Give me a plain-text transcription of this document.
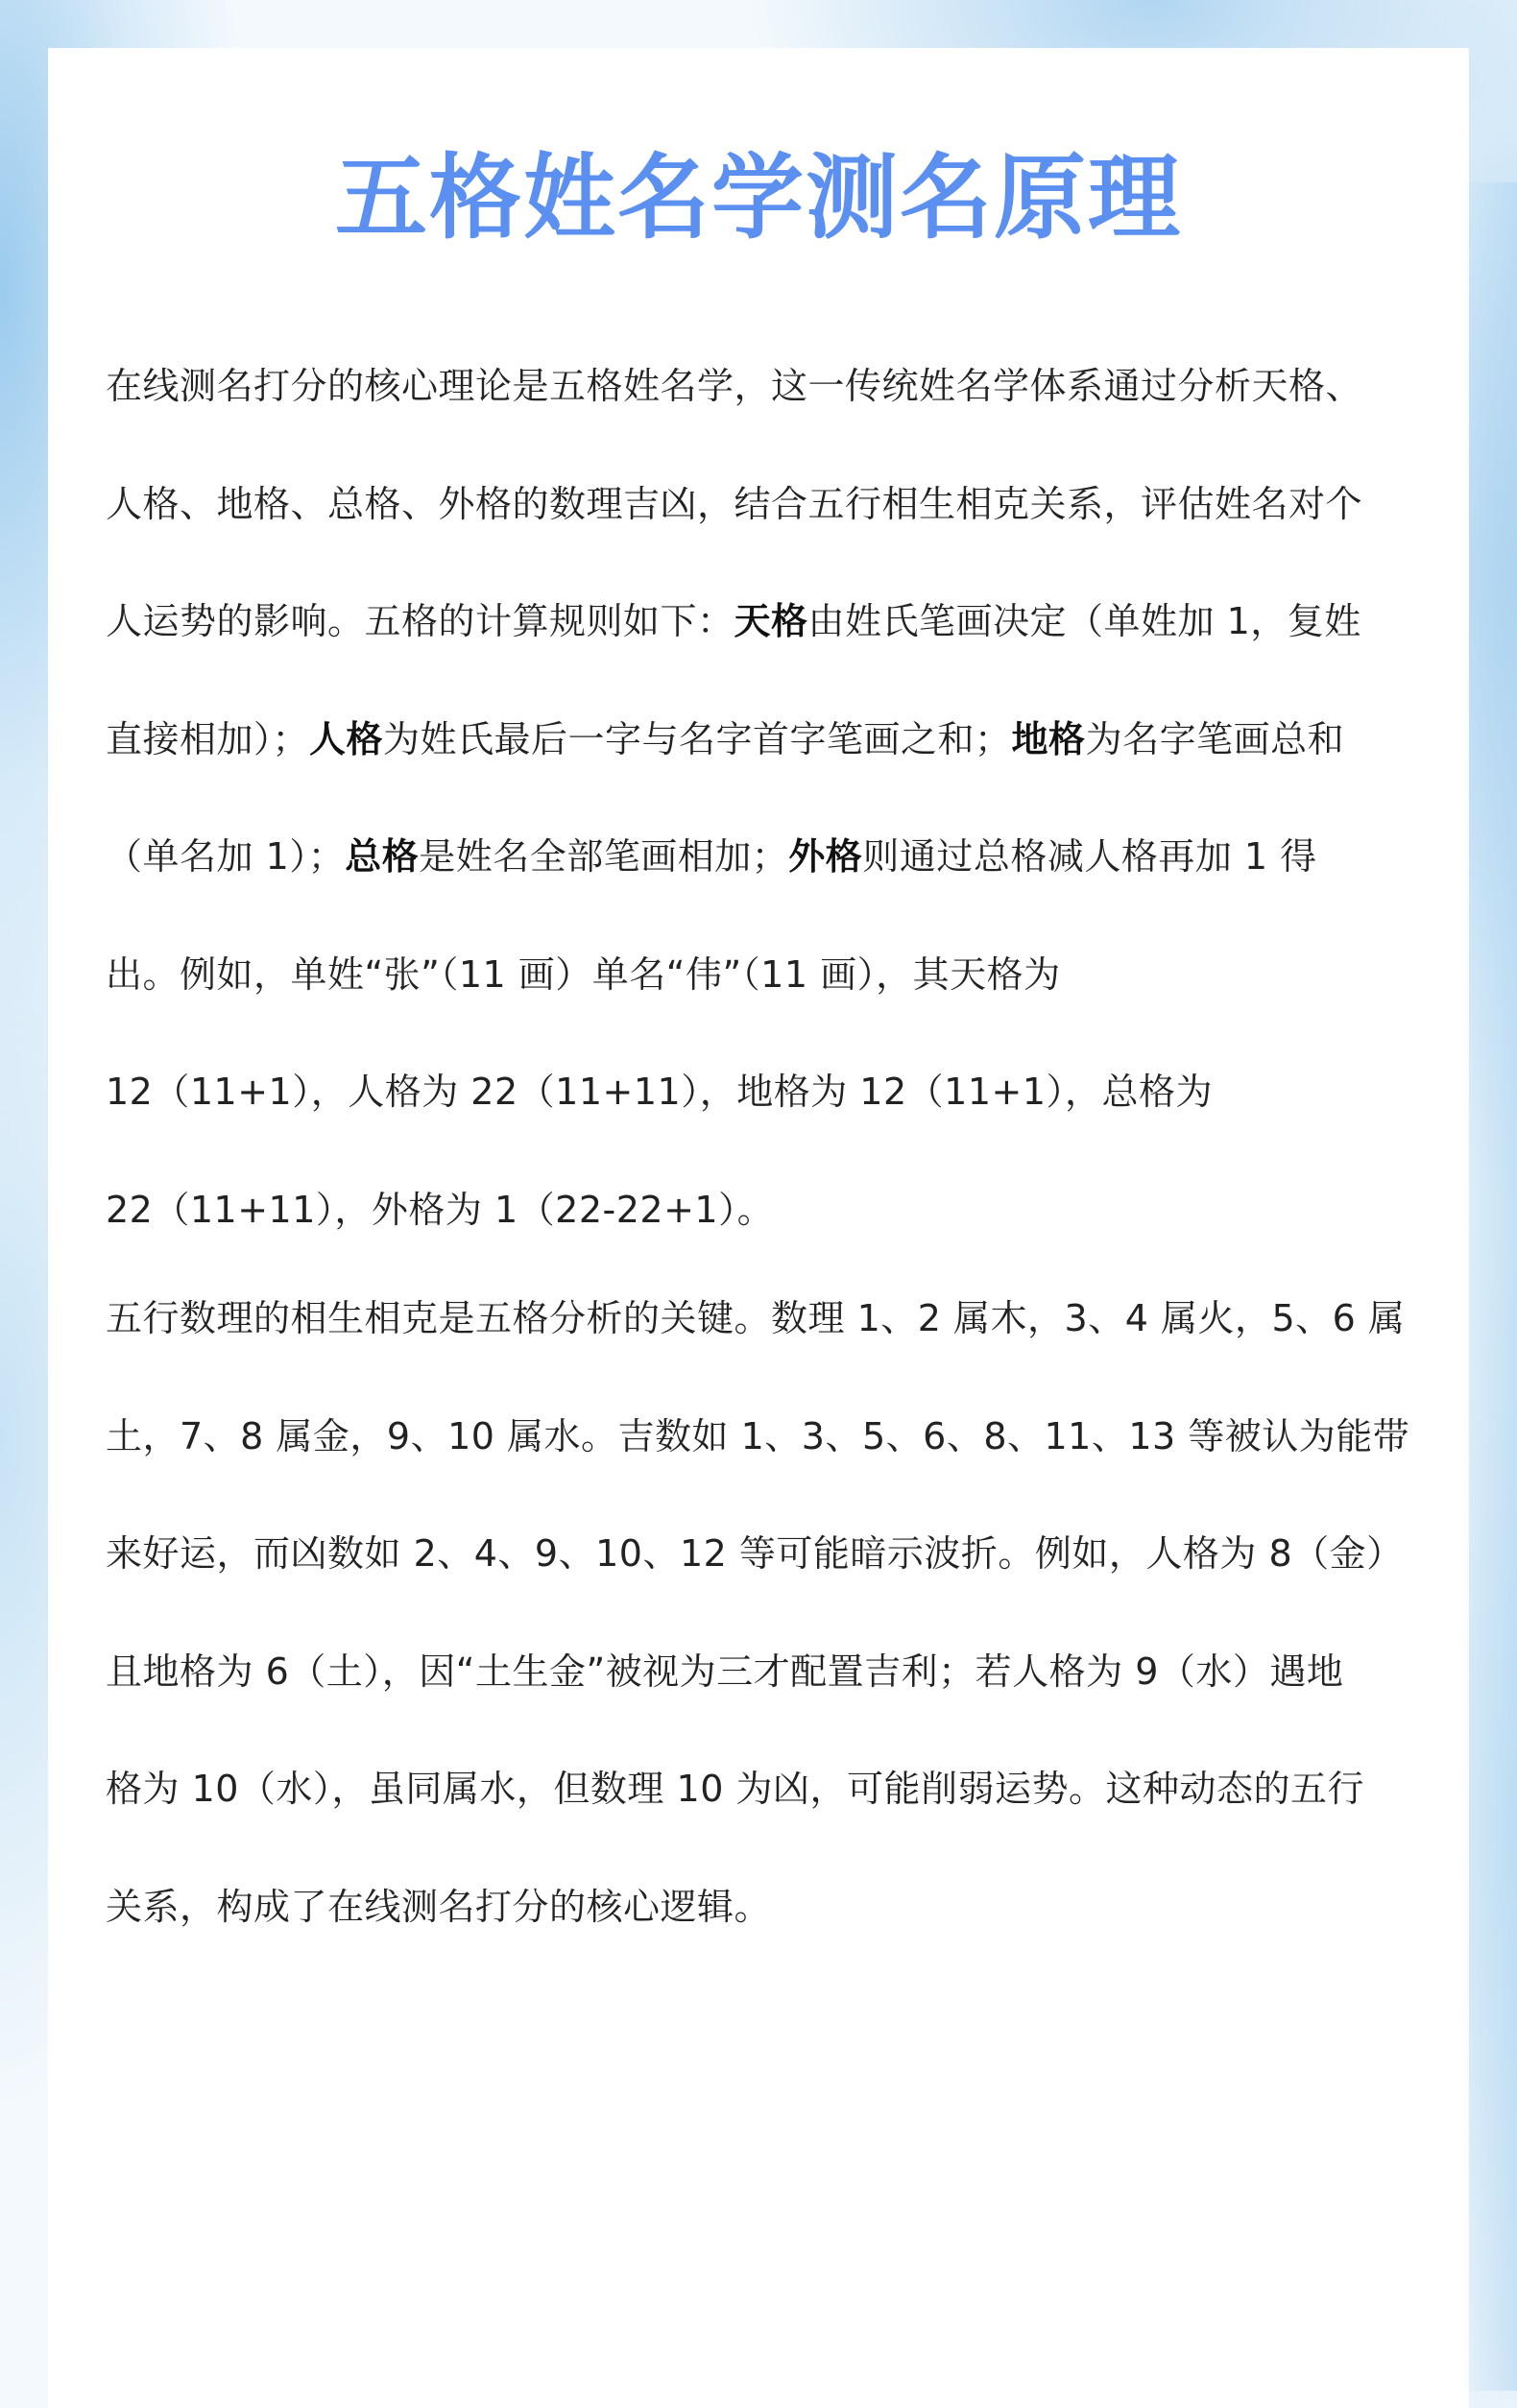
五格姓名学测名原理
在线测名打分的核心理论是五格姓名学，这一传统姓名学体系通过分析天格、
人格、地格、总格、外格的数理吉凶，结合五行相生相克关系，评估姓名对个
人运势的影响。五格的计算规则如下：天格由姓氏笔画决定（单姓加 1，复姓
直接相加）；人格为姓氏最后一字与名字首字笔画之和；地格为名字笔画总和
（单名加 1）；总格是姓名全部笔画相加；外格则通过总格减人格再加 1 得
出。例如，单姓“张”（11 画）单名“伟”（11 画），其天格为
12（11+1），人格为 22（11+11），地格为 12（11+1），总格为
22（11+11），外格为 1（22-22+1）。
五行数理的相生相克是五格分析的关键。数理 1、2 属木，3、4 属火，5、6 属
土，7、8 属金，9、10 属水。吉数如 1、3、5、6、8、11、13 等被认为能带
来好运，而凶数如 2、4、9、10、12 等可能暗示波折。例如，人格为 8（金）
且地格为 6（土），因“土生金”被视为三才配置吉利；若人格为 9（水）遇地
格为 10（水），虽同属水，但数理 10 为凶，可能削弱运势。这种动态的五行
关系，构成了在线测名打分的核心逻辑。
